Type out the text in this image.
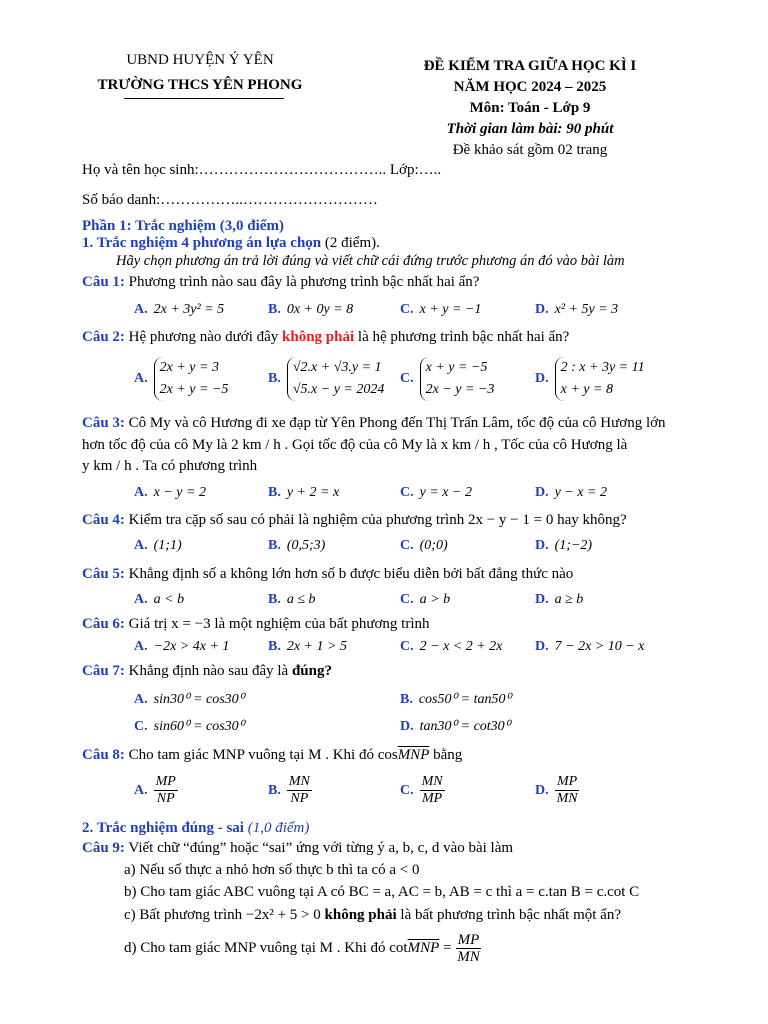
UBND HUYỆN Ý YÊN
TRƯỜNG THCS YÊN PHONG
ĐỀ KIỂM TRA GIỮA HỌC KÌ I
NĂM HỌC 2024 – 2025
Môn: Toán - Lớp 9
Thời gian làm bài: 90 phút
Đề khảo sát gồm 02 trang
Họ và tên học sinh:……………………………….. Lớp:…..
Số báo danh:……………..………………………
Phần 1: Trắc nghiệm (3,0 điểm)
1. Trắc nghiệm 4 phương án lựa chọn (2 điểm).
Hãy chọn phương án trả lời đúng và viết chữ cái đứng trước phương án đó vào bài làm
Câu 1: Phương trình nào sau đây là phương trình bậc nhất hai ẩn?
A. 2x + 3y² = 5	B. 0x + 0y = 8	C. x + y = −1	D. x² + 5y = 3
Câu 2: Hệ phương nào dưới đây không phải là hệ phương trình bậc nhất hai ẩn?
A.2x + y = 3
2x + y = −5
B.√2.x + √3.y = 1
√5.x − y = 2024
C.x + y = −5
2x − y = −3
D.2 : x + 3y = 11
x + y = 8
Câu 3: Cô My và cô Hương đi xe đạp từ Yên Phong đến Thị Trấn Lâm, tốc độ của cô Hương lớn
hơn tốc độ của cô My là 2 km / h . Gọi tốc độ của cô My là x km / h , Tốc của cô Hương là
y km / h . Ta có phương trình
A. x − y = 2	B. y + 2 = x	C. y = x − 2	D. y − x = 2
Câu 4: Kiểm tra cặp số sau có phải là nghiệm của phương trình 2x − y − 1 = 0 hay không?
A. (1;1)	B. (0,5;3)	C. (0;0)	D. (1;−2)
Câu 5: Khẳng định số a không lớn hơn số b được biểu diễn bởi bất đẳng thức nào
A. a < b	B. a ≤ b	C. a > b	D. a ≥ b
Câu 6: Giá trị x = −3 là một nghiệm của bất phương trình
A. −2x > 4x + 1	B. 2x + 1 > 5	C. 2 − x < 2 + 2x D. 7 − 2x > 10 − x
Câu 7: Khẳng định nào sau đây là đúng?
A. sin30⁰ = cos30⁰	B. cos50⁰ = tan50⁰
C. sin60⁰ = cos30⁰	D. tan30⁰ = cot30⁰
Câu 8: Cho tam giác MNP vuông tại M . Khi đó $\cos\overline{MNP}$ bằng
A. $\frac{MP}{NP}$	B. $\frac{MN}{NP}$	C. $\frac{MN}{MP}$	D. $\frac{MP}{MN}$
2. Trắc nghiệm đúng - sai (1,0 điểm)
Câu 9: Viết chữ “đúng” hoặc “sai” ứng với từng ý a, b, c, d vào bài làm
a) Nếu số thực a nhỏ hơn số thực b thì ta có a < 0
b) Cho tam giác ABC vuông tại A có BC = a, AC = b, AB = c thì a = c.tan B = c.cot C
c) Bất phương trình −2x² + 5 > 0 không phải là bất phương trình bậc nhất một ẩn?
d) Cho tam giác MNP vuông tại M . Khi đó $\cot\overline{MNP} = \frac{MP}{MN}$
